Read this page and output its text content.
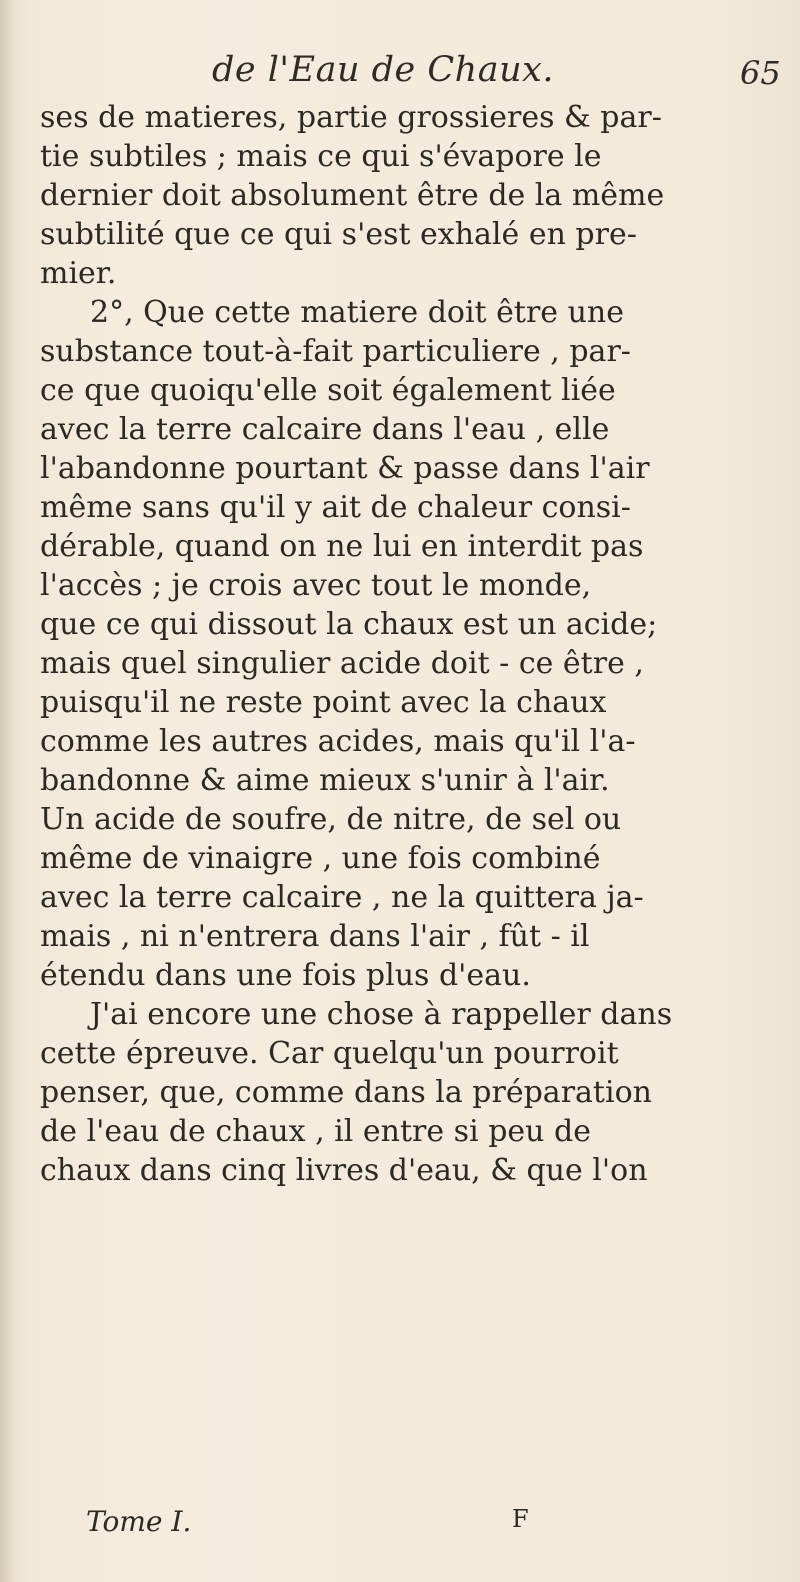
de l'Eau de Chaux.	65
ses de matieres, partie grossieres & par-
tie subtiles ; mais ce qui s'évapore le
dernier doit absolument être de la même
subtilité que ce qui s'est exhalé en pre-
mier.
2°, Que cette matiere doit être une
substance tout-à-fait particuliere , par-
ce que quoiqu'elle soit également liée
avec la terre calcaire dans l'eau , elle
l'abandonne pourtant & passe dans l'air
même sans qu'il y ait de chaleur consi-
dérable, quand on ne lui en interdit pas
l'accès ; je crois avec tout le monde,
que ce qui dissout la chaux est un acide;
mais quel singulier acide doit - ce être ,
puisqu'il ne reste point avec la chaux
comme les autres acides, mais qu'il l'a-
bandonne & aime mieux s'unir à l'air.
Un acide de soufre, de nitre, de sel ou
même de vinaigre , une fois combiné
avec la terre calcaire , ne la quittera ja-
mais , ni n'entrera dans l'air , fût - il
étendu dans une fois plus d'eau.
J'ai encore une chose à rappeller dans
cette épreuve. Car quelqu'un pourroit
penser, que, comme dans la préparation
de l'eau de chaux , il entre si peu de
chaux dans cinq livres d'eau, & que l'on
Tome I.	F
